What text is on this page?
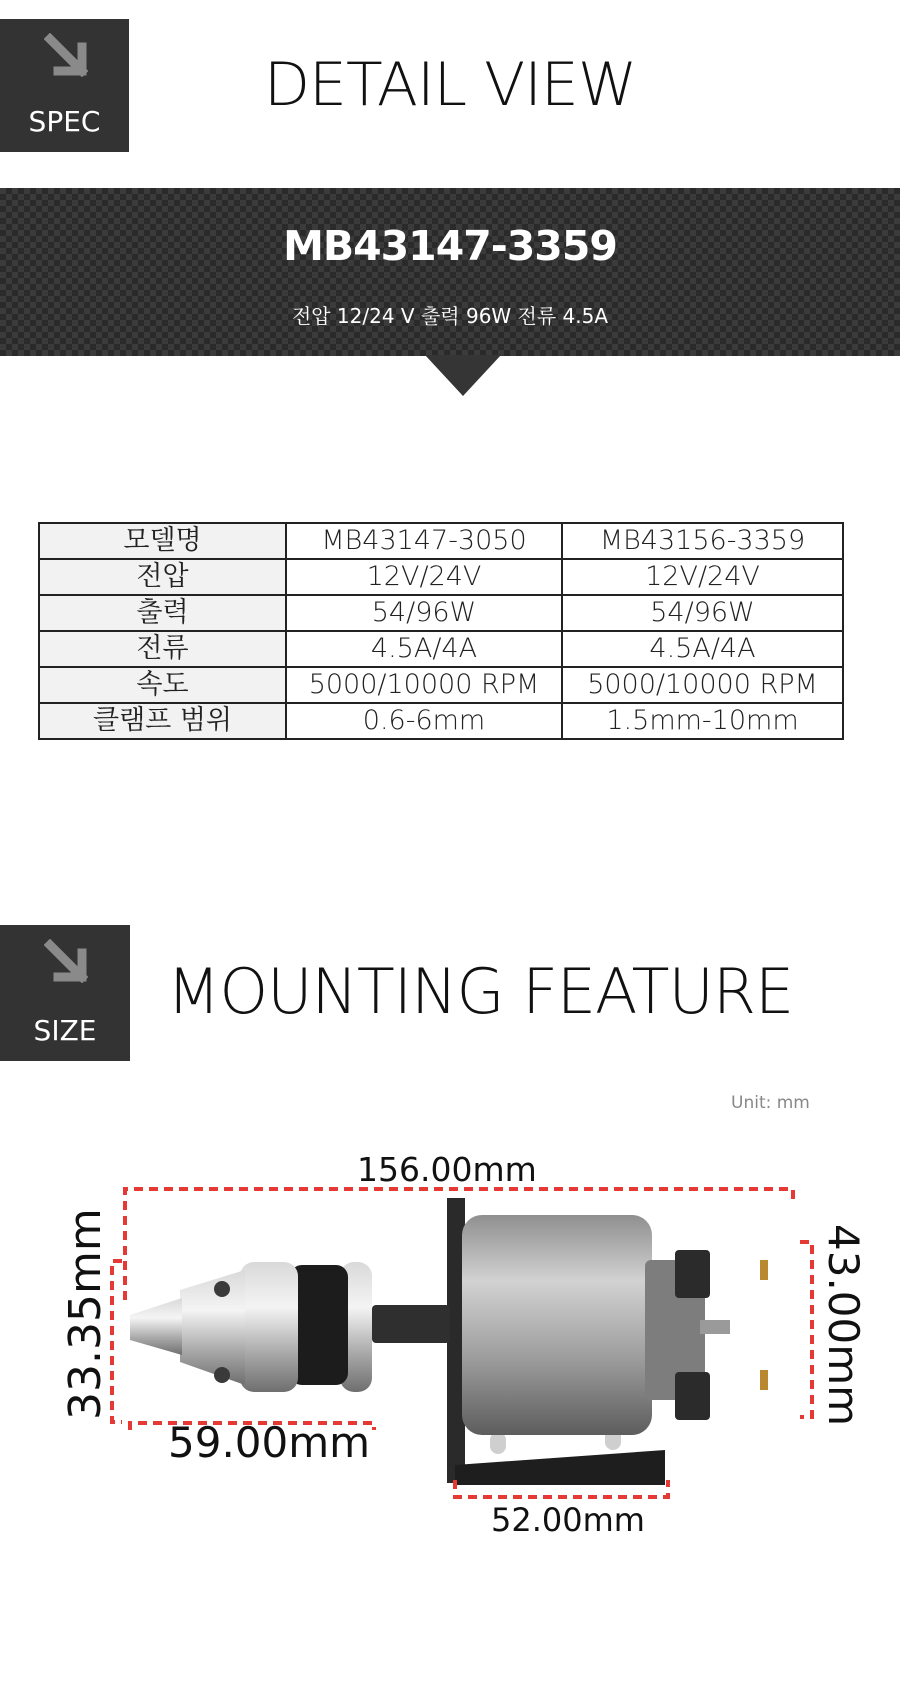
SPEC
DETAIL VIEW
MB43147-3359
전압 12/24 V 출력 96W 전류 4.5A
모델명	MB43147-3050	MB43156-3359
전압	12V/24V	12V/24V
출력	54/96W	54/96W
전류	4.5A/4A	4.5A/4A
속도	5000/10000 RPM	5000/10000 RPM
클램프 범위	0.6-6mm	1.5mm-10mm
SIZE
MOUNTING FEATURE
Unit: mm
156.00mm
33.35mm
59.00mm
43.00mm
52.00mm
